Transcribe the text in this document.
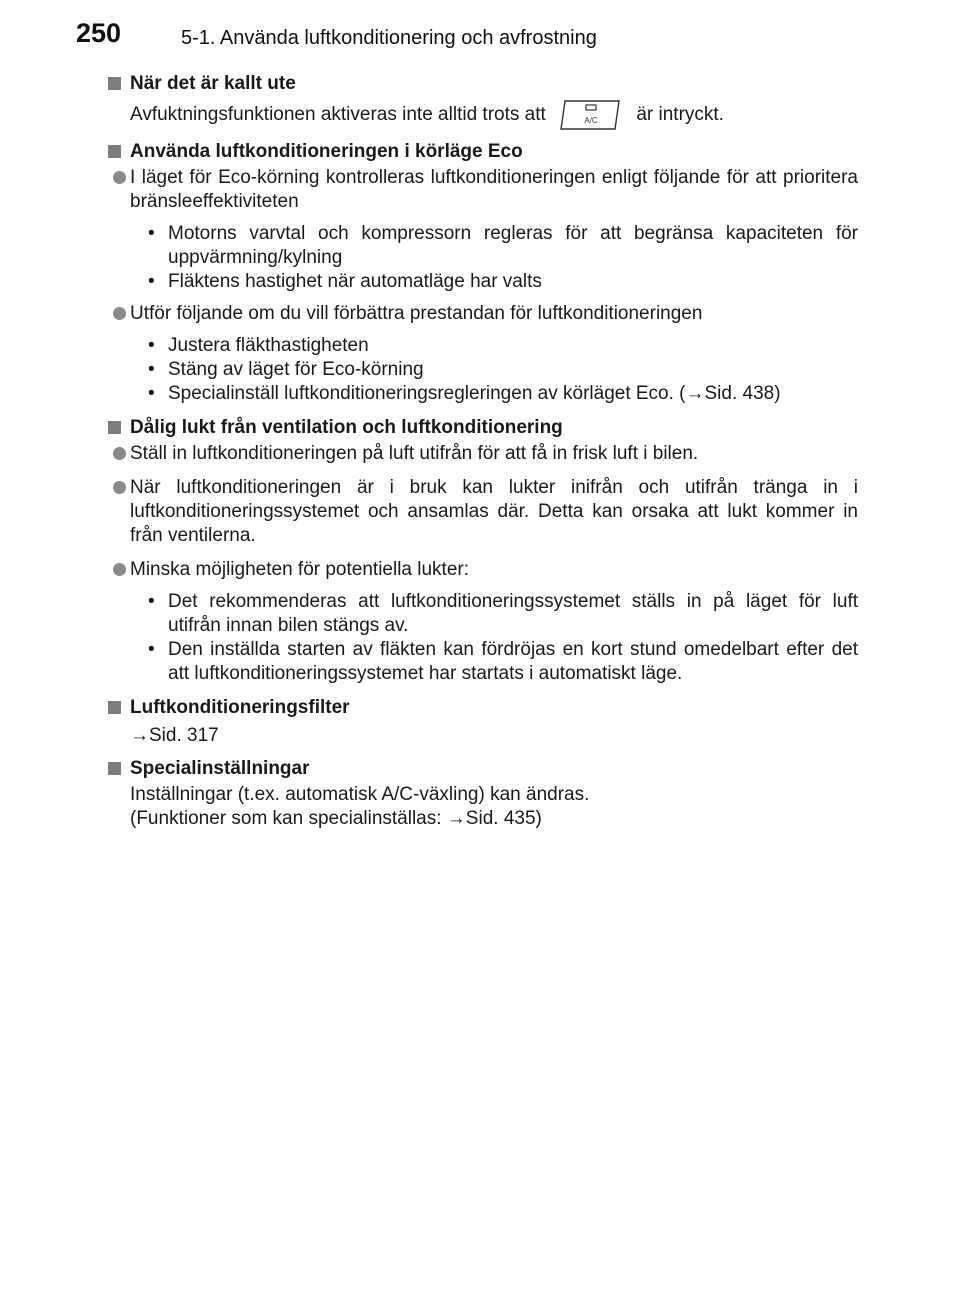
250	5-1. Använda luftkonditionering och avfrostning
När det är kallt ute
Avfuktningsfunktionen aktiveras inte alltid trots att	A/C är intryckt.
Använda luftkonditioneringen i körläge Eco
I läget för Eco-körning kontrolleras luftkonditioneringen enligt följande för att prioritera bränsleeffektiviteten
• Motorns varvtal och kompressorn regleras för att begränsa kapaciteten för uppvärmning/kylning
• Fläktens hastighet när automatläge har valts
Utför följande om du vill förbättra prestandan för luftkonditioneringen
• Justera fläkthastigheten
• Stäng av läget för Eco-körning
• Specialinställ luftkonditioneringsregleringen av körläget Eco. (→Sid. 438)
Dålig lukt från ventilation och luftkonditionering
Ställ in luftkonditioneringen på luft utifrån för att få in frisk luft i bilen.
När luftkonditioneringen är i bruk kan lukter inifrån och utifrån tränga in i luftkonditioneringssystemet och ansamlas där. Detta kan orsaka att lukt kommer in från ventilerna.
Minska möjligheten för potentiella lukter:
• Det rekommenderas att luftkonditioneringssystemet ställs in på läget för luft utifrån innan bilen stängs av.
• Den inställda starten av fläkten kan fördröjas en kort stund omedelbart efter det att luftkonditioneringssystemet har startats i automatiskt läge.
Luftkonditioneringsfilter
→Sid. 317
Specialinställningar
Inställningar (t.ex. automatisk A/C-växling) kan ändras.
(Funktioner som kan specialinställas: →Sid. 435)
